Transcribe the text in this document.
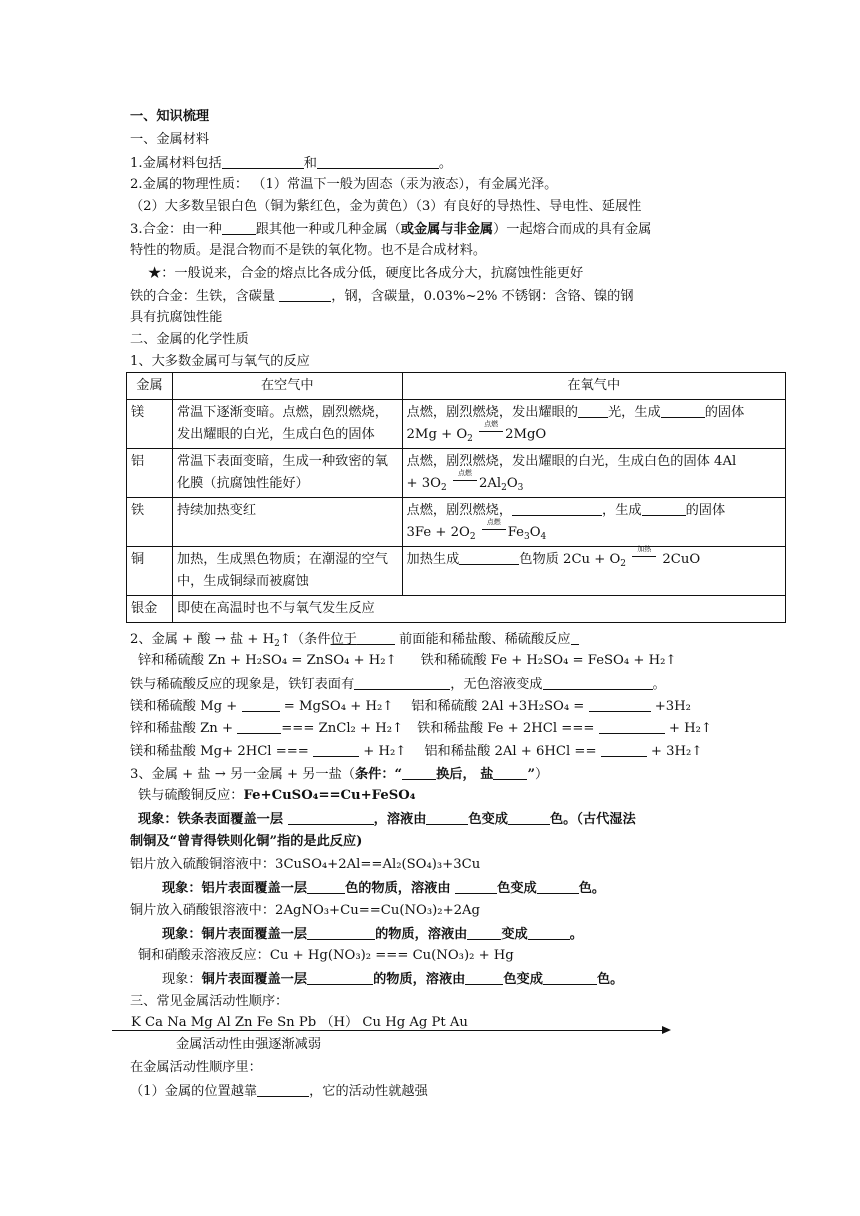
一、知识梳理
一、金属材料
1.金属材料包括	和	。
2.金属的物理性质： （1）常温下一般为固态（汞为液态），有金属光泽。
（2）大多数呈银白色（铜为紫红色，金为黄色）（3）有良好的导热性、导电性、延展性
3.合金：由一种	跟其他一种或几种金属（或金属与非金属）一起熔合而成的具有金属
特性的物质。是混合物而不是铁的氧化物。也不是合成材料。
★：一般说来，合金的熔点比各成分低，硬度比各成分大，抗腐蚀性能更好
铁的合金：生铁，含碳量	，钢，含碳量，0.03%~2% 不锈钢：含铬、镍的钢
具有抗腐蚀性能
二、金属的化学性质
1、大多数金属可与氧气的反应
金属	在空气中	在氧气中
镁	常温下逐渐变暗。点燃，剧烈燃烧，发出耀眼的白光，生成白色的固体	点燃，剧烈燃烧，发出耀眼的 光，生成 的固体
$2Mg + O_2$
点燃
2MgO
铝	常温下表面变暗，生成一种致密的氧化膜（抗腐蚀性能好）	点燃，剧烈燃烧，发出耀眼的白光，生成白色的固体 4Al
+ $3O_2$
点燃
$2Al_2O_3$
铁	持续加热变红	点燃，剧烈燃烧， ，生成 的固体
$3Fe + 2O_2$
点燃
$Fe_3O_4$
铜	加热，生成黑色物质；在潮湿的空气中，生成铜绿而被腐蚀	加热生成 色物质 $2Cu + O_2$
加热
2CuO
银金	即使在高温时也不与氧气发生反应	
2、金属 + 酸 → 盐 + $H_2↑$（条件位于	前面能和稀盐酸、稀硫酸反应
锌和稀硫酸 Zn + H₂SO₄ = ZnSO₄ + H₂↑ 铁和稀硫酸 Fe + H₂SO₄ = FeSO₄ + H₂↑
铁与稀硫酸反应的现象是，铁钉表面有	，无色溶液变成	。
镁和稀硫酸 Mg +	= MgSO₄ + H₂↑ 铝和稀硫酸 2Al +3H₂SO₄ =	+3H₂
锌和稀盐酸 Zn +	=== ZnCl₂ + H₂↑ 铁和稀盐酸 Fe + 2HCl ===	+ H₂↑
镁和稀盐酸 Mg+ 2HCl ===	+ H₂↑ 铝和稀盐酸 2Al + 6HCl ==	+ 3H₂↑
3、金属 + 盐 → 另一金属 + 另一盐（条件：“	换后， 盐	”）
铁与硫酸铜反应：Fe+CuSO₄==Cu+FeSO₄
现象：铁条表面覆盖一层	，溶液由	色变成	色。（古代湿法
制铜及“曾青得铁则化铜”指的是此反应)
铝片放入硫酸铜溶液中：3CuSO₄+2Al==Al₂(SO₄)₃+3Cu
现象：铝片表面覆盖一层	色的物质，溶液由	色变成	色。
铜片放入硝酸银溶液中：2AgNO₃+Cu==Cu(NO₃)₂+2Ag
现象：铜片表面覆盖一层	的物质，溶液由	变成	。
铜和硝酸汞溶液反应：Cu + Hg(NO₃)₂ === Cu(NO₃)₂ + Hg
现象：铜片表面覆盖一层	的物质，溶液由	色变成	色。
三、常见金属活动性顺序：
K Ca Na Mg Al Zn Fe Sn Pb （H） Cu Hg Ag Pt Au
金属活动性由强逐渐减弱
在金属活动性顺序里：
（1）金属的位置越靠	，它的活动性就越强
